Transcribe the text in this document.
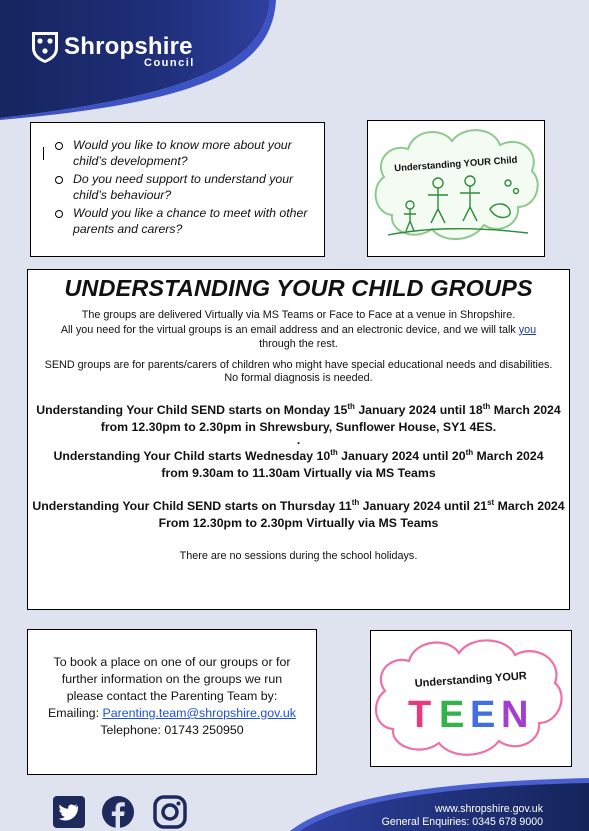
Shropshire
Council
Would you like to know more about your child’s development?
Do you need support to understand your child’s behaviour?
Would you like a chance to meet with other parents and carers?
Understanding YOUR Child
UNDERSTANDING YOUR CHILD GROUPS
The groups are delivered Virtually via MS Teams or Face to Face at a venue in Shropshire.
All you need for the virtual groups is an email address and an electronic device, and we will talk you
through the rest.
SEND groups are for parents/carers of children who might have special educational needs and disabilities.
No formal diagnosis is needed.
Understanding Your Child SEND starts on Monday 15th January 2024 until 18th March 2024
from 12.30pm to 2.30pm in Shrewsbury, Sunflower House, SY1 4ES.
.
Understanding Your Child starts Wednesday 10th January 2024 until 20th March 2024
from 9.30am to 11.30am Virtually via MS Teams
Understanding Your Child SEND starts on Thursday 11th January 2024 until 21st March 2024
From 12.30pm to 2.30pm Virtually via MS Teams
There are no sessions during the school holidays.
To book a place on one of our groups or for
further information on the groups we run
please contact the Parenting Team by:
Emailing: Parenting.team@shropshire.gov.uk
Telephone: 01743 250950
Understanding YOUR
T E E N
www.shropshire.gov.uk
General Enquiries: 0345 678 9000
